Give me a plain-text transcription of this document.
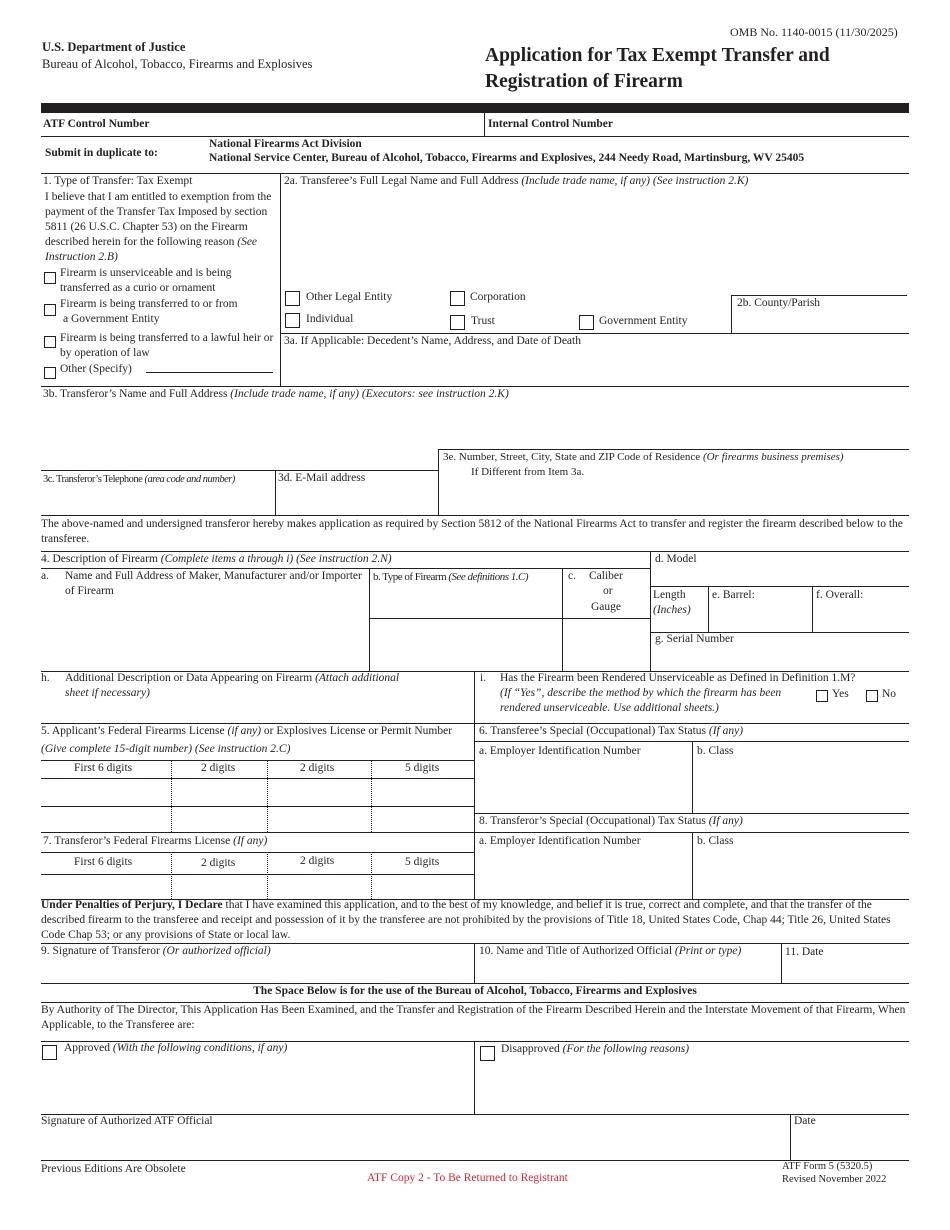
OMB No. 1140-0015 (11/30/2025)
U.S. Department of Justice
Bureau of Alcohol, Tobacco, Firearms and Explosives	Application for Tax Exempt Transfer and
Registration of Firearm
ATF Control Number	Internal Control Number
Submit in duplicate to:
National Firearms Act Division
National Service Center, Bureau of Alcohol, Tobacco, Firearms and Explosives, 244 Needy Road, Martinsburg, WV 25405
1. Type of Transfer: Tax Exempt
I believe that I am entitled to exemption from the payment of the Transfer Tax Imposed by section 5811 (26 U.S.C. Chapter 53) on the Firearm described herein for the following reason (See Instruction 2.B)
Firearm is unserviceable and is being transferred as a curio or ornament
Firearm is being transferred to or from
a Government Entity
Firearm is being transferred to a lawful heir or by operation of law
Other (Specify)
2a. Transferee’s Full Legal Name and Full Address (Include trade name, if any) (See instruction 2.K)
Other Legal Entity	Corporation
Individual	Trust	Government Entity
2b. County/Parish
3a. If Applicable: Decedent’s Name, Address, and Date of Death
3b. Transferor’s Name and Full Address (Include trade name, if any) (Executors: see instruction 2.K)
3e. Number, Street, City, State and ZIP Code of Residence (Or firearms business premises)
If Different from Item 3a.
3c. Transferor’s Telephone (area code and number)	3d. E-Mail address
The above-named and undersigned transferor hereby makes application as required by Section 5812 of the National Firearms Act to transfer and register the firearm described below to the transferee.
4. Description of Firearm (Complete items a through i) (See instruction 2.N)	d. Model
a. Name and Full Address of Maker, Manufacturer and/or Importer of Firearm
b. Type of Firearm (See definitions 1.C)	c. Caliber
or
Gauge
Length
(Inches)
e. Barrel:	f. Overall:
g. Serial Number
h. Additional Description or Data Appearing on Firearm (Attach additional
sheet if necessary)
i. Has the Firearm been Rendered Unserviceable as Defined in Definition 1.M?
(If “Yes”, describe the method by which the firearm has been
rendered unserviceable. Use additional sheets.)
Yes	No
5. Applicant’s Federal Firearms License (if any) or Explosives License or Permit Number
(Give complete 15-digit number) (See instruction 2.C)
6. Transferee’s Special (Occupational) Tax Status (If any)
a. Employer Identification Number	b. Class
First 6 digits	2 digits	2 digits	5 digits
8. Transferor’s Special (Occupational) Tax Status (If any)
7. Transferor’s Federal Firearms License (If any)	a. Employer Identification Number	b. Class
First 6 digits	2 digits	2 digits	5 digits
Under Penalties of Perjury, I Declare that I have examined this application, and to the best of my knowledge, and belief it is true, correct and complete, and that the transfer of the described firearm to the transferee and receipt and possession of it by the transferee are not prohibited by the provisions of Title 18, United States Code, Chap 44; Title 26, United States Code Chap 53; or any provisions of State or local law.
9. Signature of Transferor (Or authorized official)	10. Name and Title of Authorized Official (Print or type)	11. Date
The Space Below is for the use of the Bureau of Alcohol, Tobacco, Firearms and Explosives
By Authority of The Director, This Application Has Been Examined, and the Transfer and Registration of the Firearm Described Herein and the Interstate Movement of that Firearm, When Applicable, to the Transferee are:
Approved (With the following conditions, if any)	Disapproved (For the following reasons)
Signature of Authorized ATF Official	Date
Previous Editions Are Obsolete
ATF Copy 2 - To Be Returned to Registrant
ATF Form 5 (5320.5)
Revised November 2022
